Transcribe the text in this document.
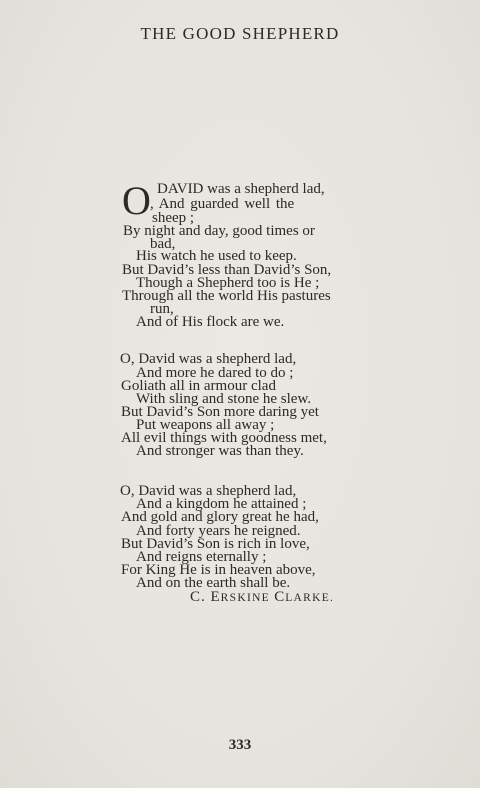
THE GOOD SHEPHERD
O DAVID was a shepherd lad,
, And guarded well the
sheep ;
By night and day, good times or
bad,
His watch he used to keep.
But David’s less than David’s Son,
Though a Shepherd too is He ;
Through all the world His pastures
run,
And of His flock are we.
O, David was a shepherd lad,
And more he dared to do ;
Goliath all in armour clad
With sling and stone he slew.
But David’s Son more daring yet
Put weapons all away ;
All evil things with goodness met,
And stronger was than they.
O, David was a shepherd lad,
And a kingdom he attained ;
And gold and glory great he had,
And forty years he reigned.
But David’s Son is rich in love,
And reigns eternally ;
For King He is in heaven above,
And on the earth shall be.
C. ERSKINE CLARKE.
333
